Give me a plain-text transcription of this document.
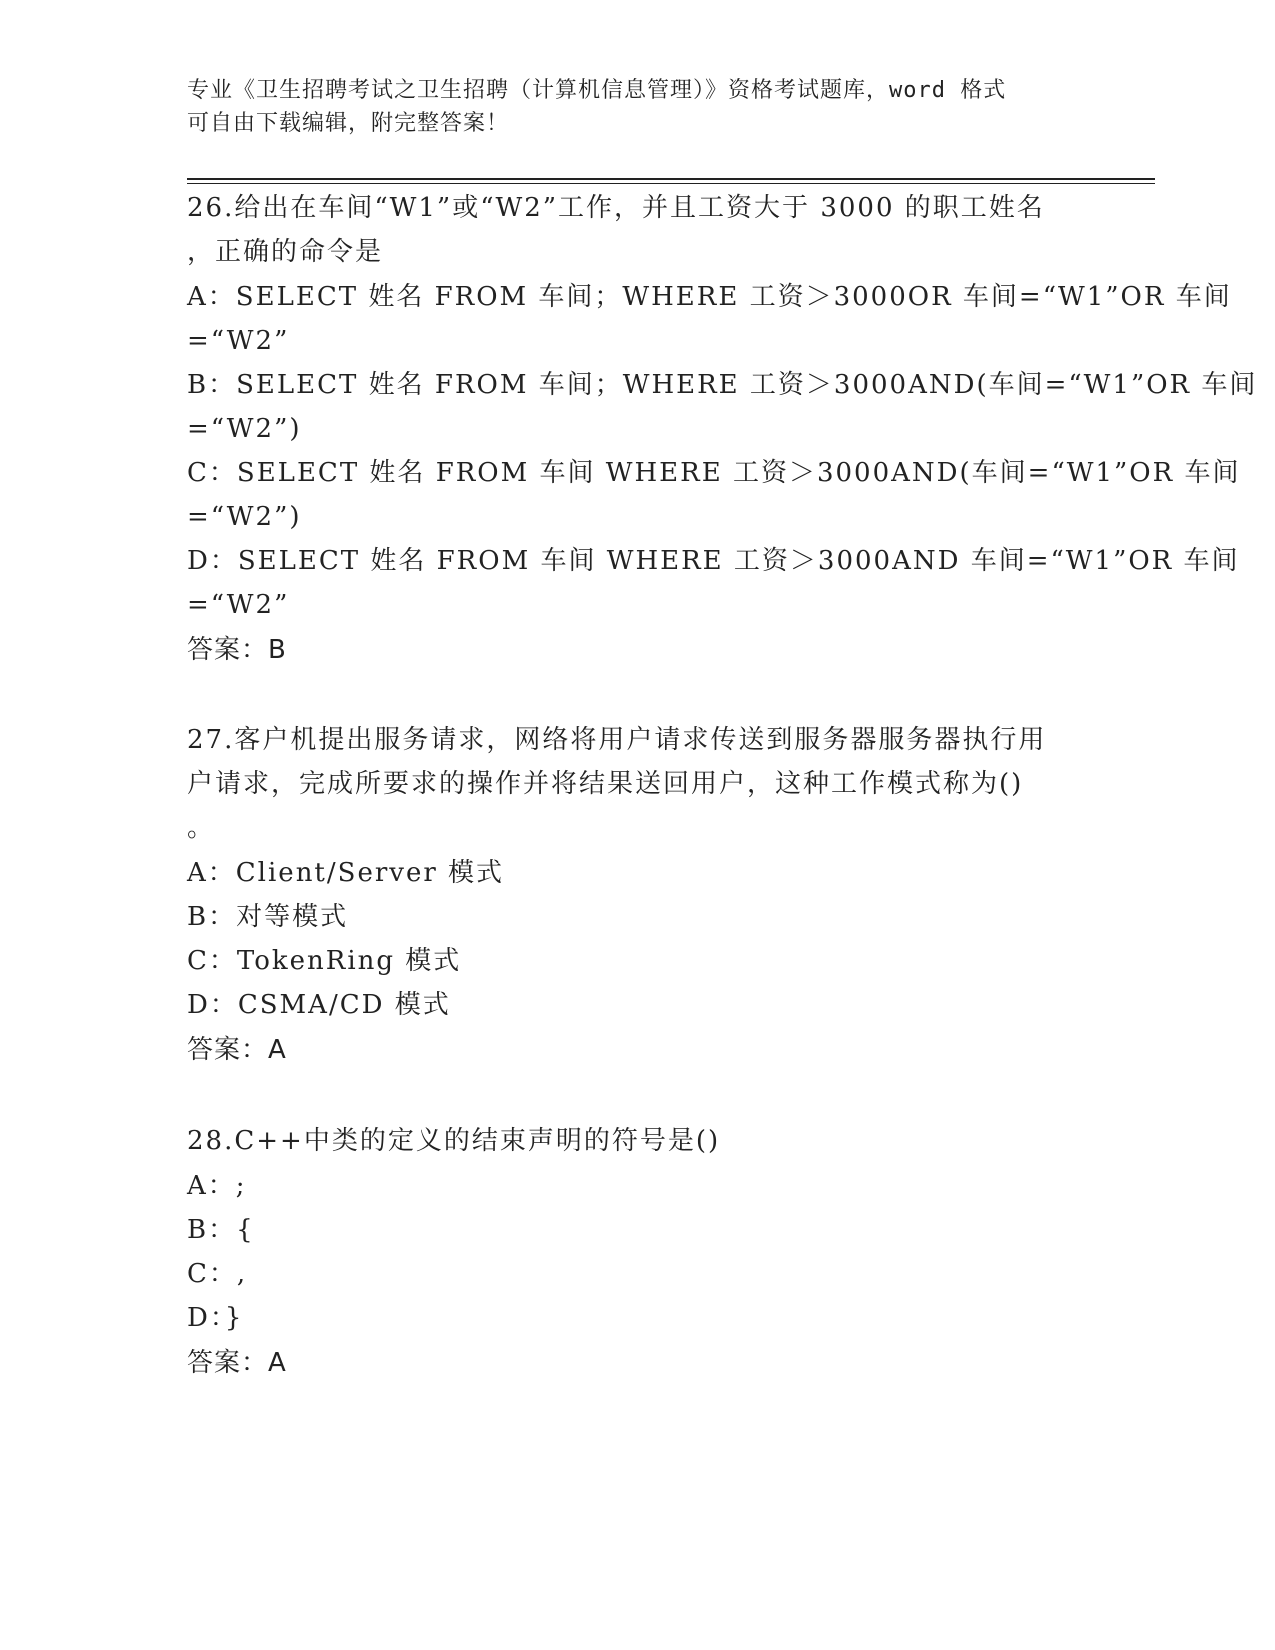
专业《卫生招聘考试之卫生招聘（计算机信息管理）》资格考试题库，word 格式
可自由下载编辑，附完整答案！
26.给出在车间“W1”或“W2”工作，并且工资大于 3000 的职工姓名
，正确的命令是
A：SELECT 姓名 FROM 车间；WHERE 工资＞3000OR 车间=“W1”OR 车间
=“W2”
B：SELECT 姓名 FROM 车间；WHERE 工资＞3000AND(车间=“W1”OR 车间
=“W2”)
C：SELECT 姓名 FROM 车间 WHERE 工资＞3000AND(车间=“W1”OR 车间
=“W2”)
D：SELECT 姓名 FROM 车间 WHERE 工资＞3000AND 车间=“W1”OR 车间
=“W2”
答案：B
27.客户机提出服务请求，网络将用户请求传送到服务器服务器执行用
户请求，完成所要求的操作并将结果送回用户，这种工作模式称为()
。
A：Client/Server 模式
B：对等模式
C：TokenRing 模式
D：CSMA/CD 模式
答案：A
28.C++中类的定义的结束声明的符号是()
A：;
B：{
C：,
D：}
答案：A
